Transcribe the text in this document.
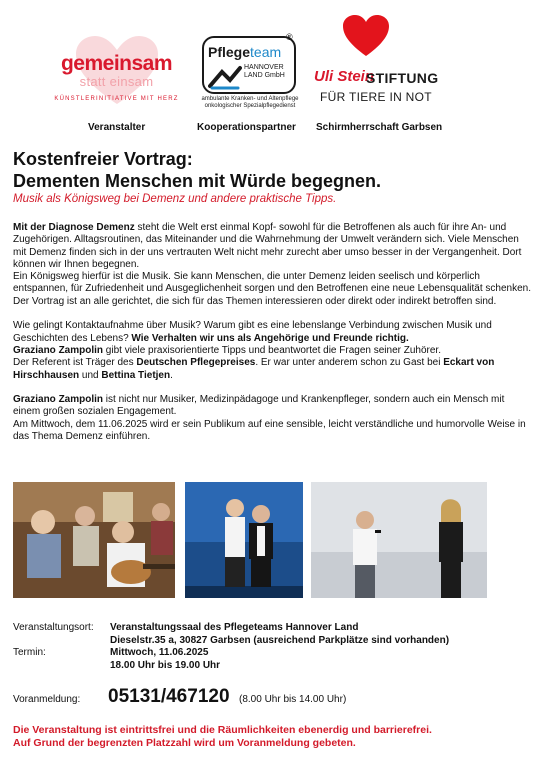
gemeinsam
statt einsam
KÜNSTLERINITIATIVE MIT HERZ
Pflegeteam
®
HANNOVER
LAND GmbH
ambulante Kranken- und Altenpflege
onkologischer Spezialpflegedienst
Uli Stein
STIFTUNG
FÜR TIERE IN NOT
Veranstalter	Kooperationspartner Schirmherrschaft Garbsen
Kostenfreier Vortrag:
Dementen Menschen mit Würde begegnen.
Musik als Königsweg bei Demenz und andere praktische Tipps.
Mit der Diagnose Demenz steht die Welt erst einmal Kopf- sowohl für die Betroffenen als auch für ihre An- und Zugehörigen. Alltagsroutinen, das Miteinander und die Wahrnehmung der Umwelt verändern sich. Viele Menschen mit Demenz finden sich in der uns vertrauten Welt nicht mehr zurecht aber umso besser in der Vergangenheit. Dort können wir Ihnen begegnen.
Ein Königsweg hierfür ist die Musik. Sie kann Menschen, die unter Demenz leiden seelisch und körperlich entspannen, für Zufriedenheit und Ausgeglichenheit sorgen und den Betroffenen eine neue Lebensqualität schenken. Der Vortrag ist an alle gerichtet, die sich für das Themen interessieren oder direkt oder indirekt betroffen sind.
Wie gelingt Kontaktaufnahme über Musik? Warum gibt es eine lebenslange Verbindung zwischen Musik und Geschichten des Lebens? Wie Verhalten wir uns als Angehörige und Freunde richtig.
Graziano Zampolin gibt viele praxisorientierte Tipps und beantwortet die Fragen seiner Zuhörer.
Der Referent ist Träger des Deutschen Pflegepreises. Er war unter anderem schon zu Gast bei Eckart von Hirschhausen und Bettina Tietjen.
Graziano Zampolin ist nicht nur Musiker, Medizinpädagoge und Krankenpfleger, sondern auch ein Mensch mit einem großen sozialen Engagement.
Am Mittwoch, dem 11.06.2025 wird er sein Publikum auf eine sensible, leicht verständliche und humorvolle Weise in das Thema Demenz einführen.
Veranstaltungsort: Veranstaltungssaal des Pflegeteams Hannover Land
Dieselstr.35 a, 30827 Garbsen (ausreichend Parkplätze sind vorhanden)
Termin:	Mittwoch, 11.06.2025
18.00 Uhr bis 19.00 Uhr
Voranmeldung: 05131/467120 (8.00 Uhr bis 14.00 Uhr)
Die Veranstaltung ist eintrittsfrei und die Räumlichkeiten ebenerdig und barrierefrei.
Auf Grund der begrenzten Platzzahl wird um Voranmeldung gebeten.
